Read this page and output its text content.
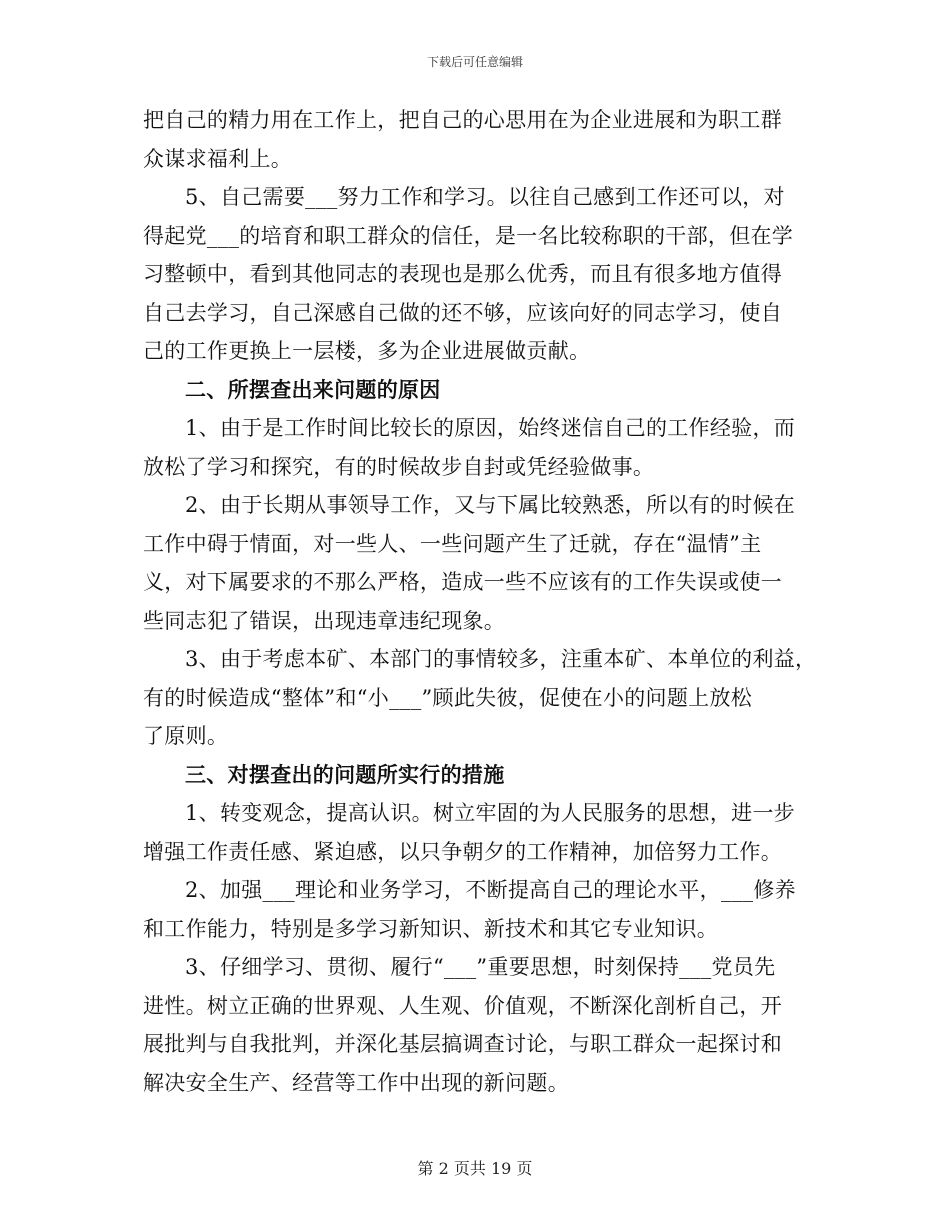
下载后可任意编辑
把自己的精力用在工作上，把自己的心思用在为企业进展和为职工群
众谋求福利上。
5、自己需要___努力工作和学习。以往自己感到工作还可以，对
得起党___的培育和职工群众的信任，是一名比较称职的干部，但在学
习整顿中，看到其他同志的表现也是那么优秀，而且有很多地方值得
自己去学习，自己深感自己做的还不够，应该向好的同志学习，使自
己的工作更换上一层楼，多为企业进展做贡献。
二、所摆查出来问题的原因
1、由于是工作时间比较长的原因，始终迷信自己的工作经验，而
放松了学习和探究，有的时候故步自封或凭经验做事。
2、由于长期从事领导工作，又与下属比较熟悉，所以有的时候在
工作中碍于情面，对一些人、一些问题产生了迁就，存在“温情”主
义，对下属要求的不那么严格，造成一些不应该有的工作失误或使一
些同志犯了错误，出现违章违纪现象。
3、由于考虑本矿、本部门的事情较多，注重本矿、本单位的利益，
有的时候造成“整体”和“小___”顾此失彼，促使在小的问题上放松
了原则。
三、对摆查出的问题所实行的措施
1、转变观念，提高认识。树立牢固的为人民服务的思想，进一步
增强工作责任感、紧迫感，以只争朝夕的工作精神，加倍努力工作。
2、加强___理论和业务学习，不断提高自己的理论水平，___修养
和工作能力，特别是多学习新知识、新技术和其它专业知识。
3、仔细学习、贯彻、履行“___”重要思想，时刻保持___党员先
进性。树立正确的世界观、人生观、价值观，不断深化剖析自己，开
展批判与自我批判，并深化基层搞调查讨论，与职工群众一起探讨和
解决安全生产、经营等工作中出现的新问题。
第 2 页共 19 页
